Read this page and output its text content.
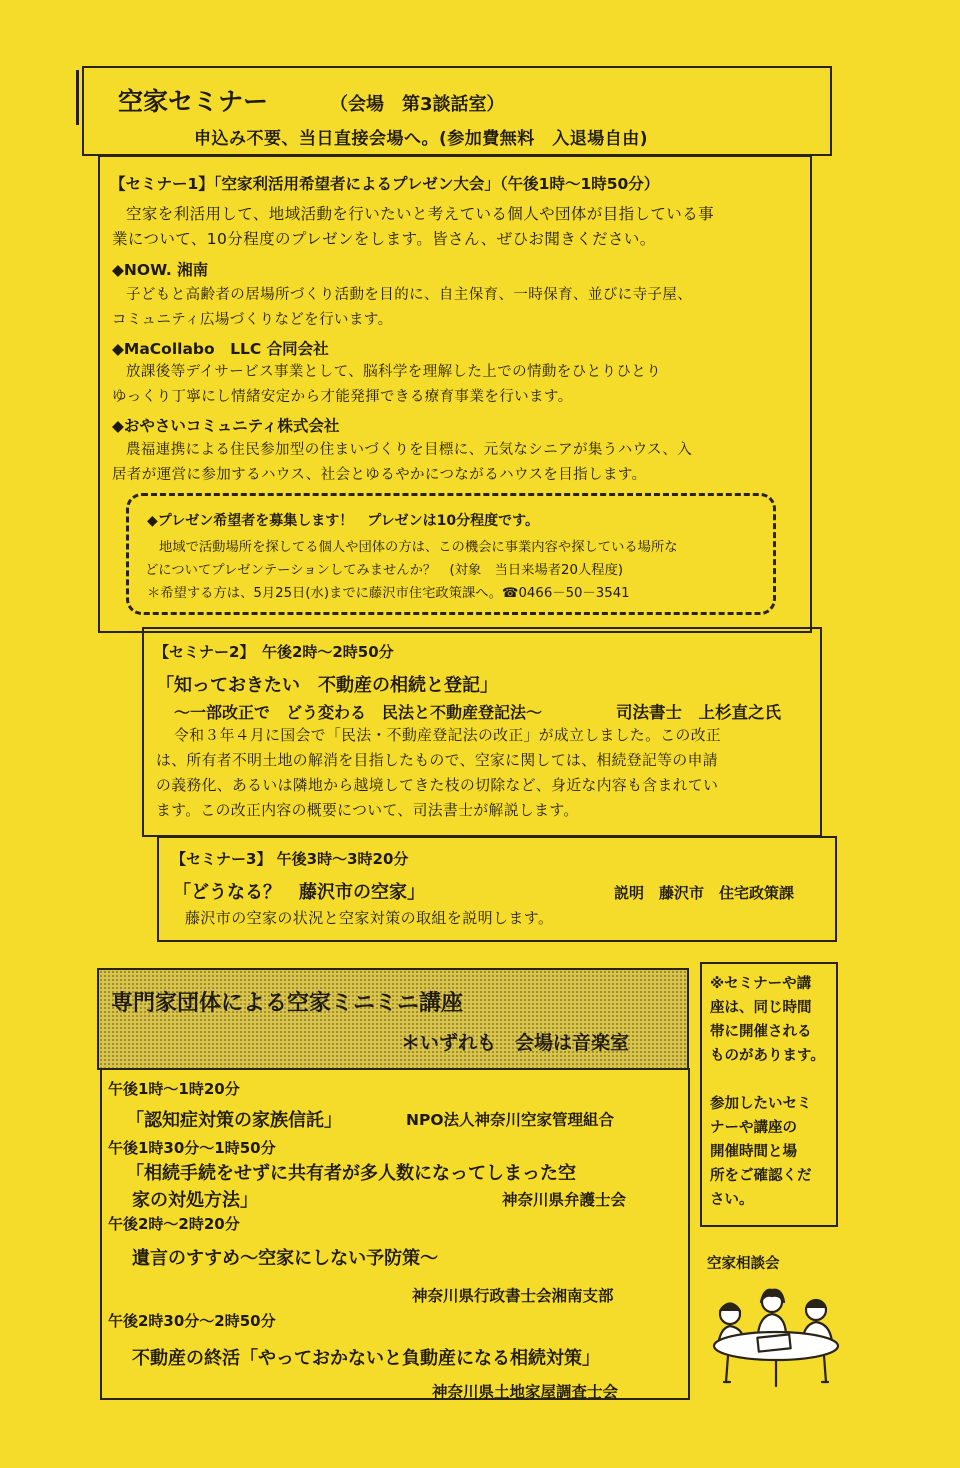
空家セミナー	（会場　第3談話室）
申込み不要、当日直接会場へ。(参加費無料　入退場自由)
【セミナー1】「空家利活用希望者によるプレゼン大会」（午後1時～1時50分）
空家を利活用して、地域活動を行いたいと考えている個人や団体が目指している事
業について、10分程度のプレゼンをします。皆さん、ぜひお聞きください。
◆NOW. 湘南
子どもと高齢者の居場所づくり活動を目的に、自主保育、一時保育、並びに寺子屋、
コミュニティ広場づくりなどを行います。
◆MaCollabo　LLC 合同会社
放課後等デイサービス事業として、脳科学を理解した上での情動をひとりひとり
ゆっくり丁寧にし情緒安定から才能発揮できる療育事業を行います。
◆おやさいコミュニティ株式会社
農福連携による住民参加型の住まいづくりを目標に、元気なシニアが集うハウス、入
居者が運営に参加するハウス、社会とゆるやかにつながるハウスを目指します。
◆プレゼン希望者を募集します！　プレゼンは10分程度です。
地域で活動場所を探してる個人や団体の方は、この機会に事業内容や探している場所な
どについてプレゼンテーションしてみませんか？　(対象　当日来場者20人程度)
＊希望する方は、5月25日(水)までに藤沢市住宅政策課へ。☎0466－50－3541
【セミナー2】　午後2時～2時50分
「知っておきたい　不動産の相続と登記」
～一部改正で　どう変わる　民法と不動産登記法～	司法書士　上杉直之氏
令和３年４月に国会で「民法・不動産登記法の改正」が成立しました。この改正
は、所有者不明土地の解消を目指したもので、空家に関しては、相続登記等の申請
の義務化、あるいは隣地から越境してきた枝の切除など、身近な内容も含まれてい
ます。この改正内容の概要について、司法書士が解説します。
【セミナー3】 午後3時～3時20分
「どうなる？　藤沢市の空家」	説明　藤沢市　住宅政策課
藤沢市の空家の状況と空家対策の取組を説明します。
専門家団体による空家ミニミニ講座
＊いずれも　会場は音楽室
午後1時～1時20分
「認知症対策の家族信託」	NPO法人神奈川空家管理組合
午後1時30分～1時50分
「相続手続をせずに共有者が多人数になってしまった空
家の対処方法」	神奈川県弁護士会
午後2時～2時20分
遺言のすすめ～空家にしない予防策～
神奈川県行政書士会湘南支部
午後2時30分～2時50分
不動産の終活「やっておかないと負動産になる相続対策」
神奈川県土地家屋調査士会
※セミナーや講
座は、同じ時間
帯に開催される
ものがあります。
参加したいセミ
ナーや講座の
開催時間と場
所をご確認くだ
さい。
空家相談会
